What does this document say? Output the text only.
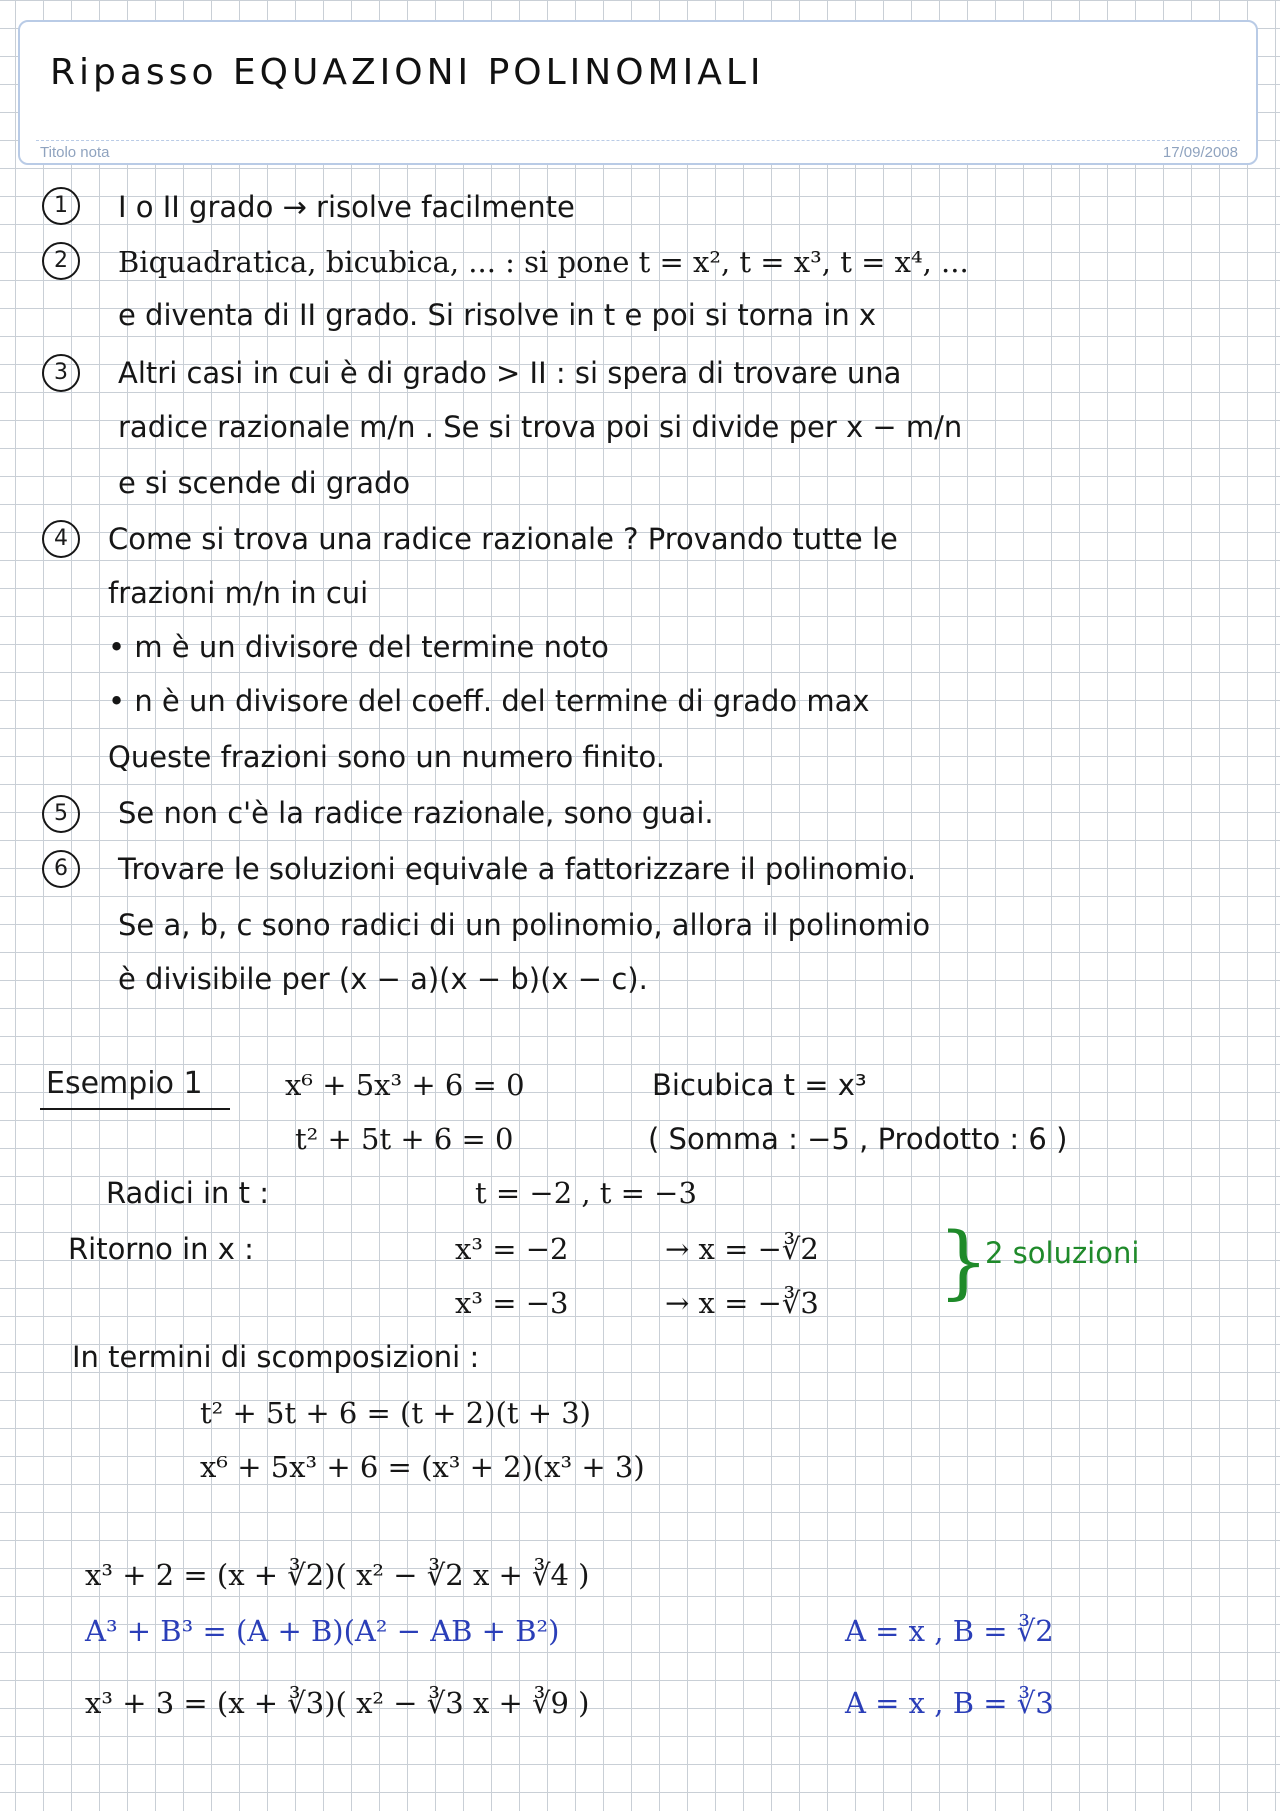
Ripasso EQUAZIONI POLINOMIALI
Titolo nota	17/09/2008
1	I o II grado → risolve facilmente
2	Biquadratica, bicubica, ... : si pone t = x², t = x³, t = x⁴, ...
e diventa di II grado. Si risolve in t e poi si torna in x
3	Altri casi in cui è di grado > II : si spera di trovare una
radice razionale m/n . Se si trova poi si divide per x − m/n
e si scende di grado
4	Come si trova una radice razionale ? Provando tutte le
frazioni m/n in cui
• m è un divisore del termine noto
• n è un divisore del coeff. del termine di grado max
Queste frazioni sono un numero finito.
5	Se non c'è la radice razionale, sono guai.
6	Trovare le soluzioni equivale a fattorizzare il polinomio.
Se a, b, c sono radici di un polinomio, allora il polinomio
è divisibile per (x − a)(x − b)(x − c).
Esempio 1	x⁶ + 5x³ + 6 = 0	Bicubica t = x³
t² + 5t + 6 = 0	( Somma : −5 , Prodotto : 6 )
Radici in t :	t = −2 , t = −3
Ritorno in x :	x³ = −2	→ x = −∛2
x³ = −3	→ x = −∛3 }
2 soluzioni
In termini di scomposizioni :
t² + 5t + 6 = (t + 2)(t + 3)
x⁶ + 5x³ + 6 = (x³ + 2)(x³ + 3)
x³ + 2 = (x + ∛2)( x² − ∛2 x + ∛4 )
A³ + B³ = (A + B)(A² − AB + B²)	A = x , B = ∛2
x³ + 3 = (x + ∛3)( x² − ∛3 x + ∛9 )	A = x , B = ∛3
